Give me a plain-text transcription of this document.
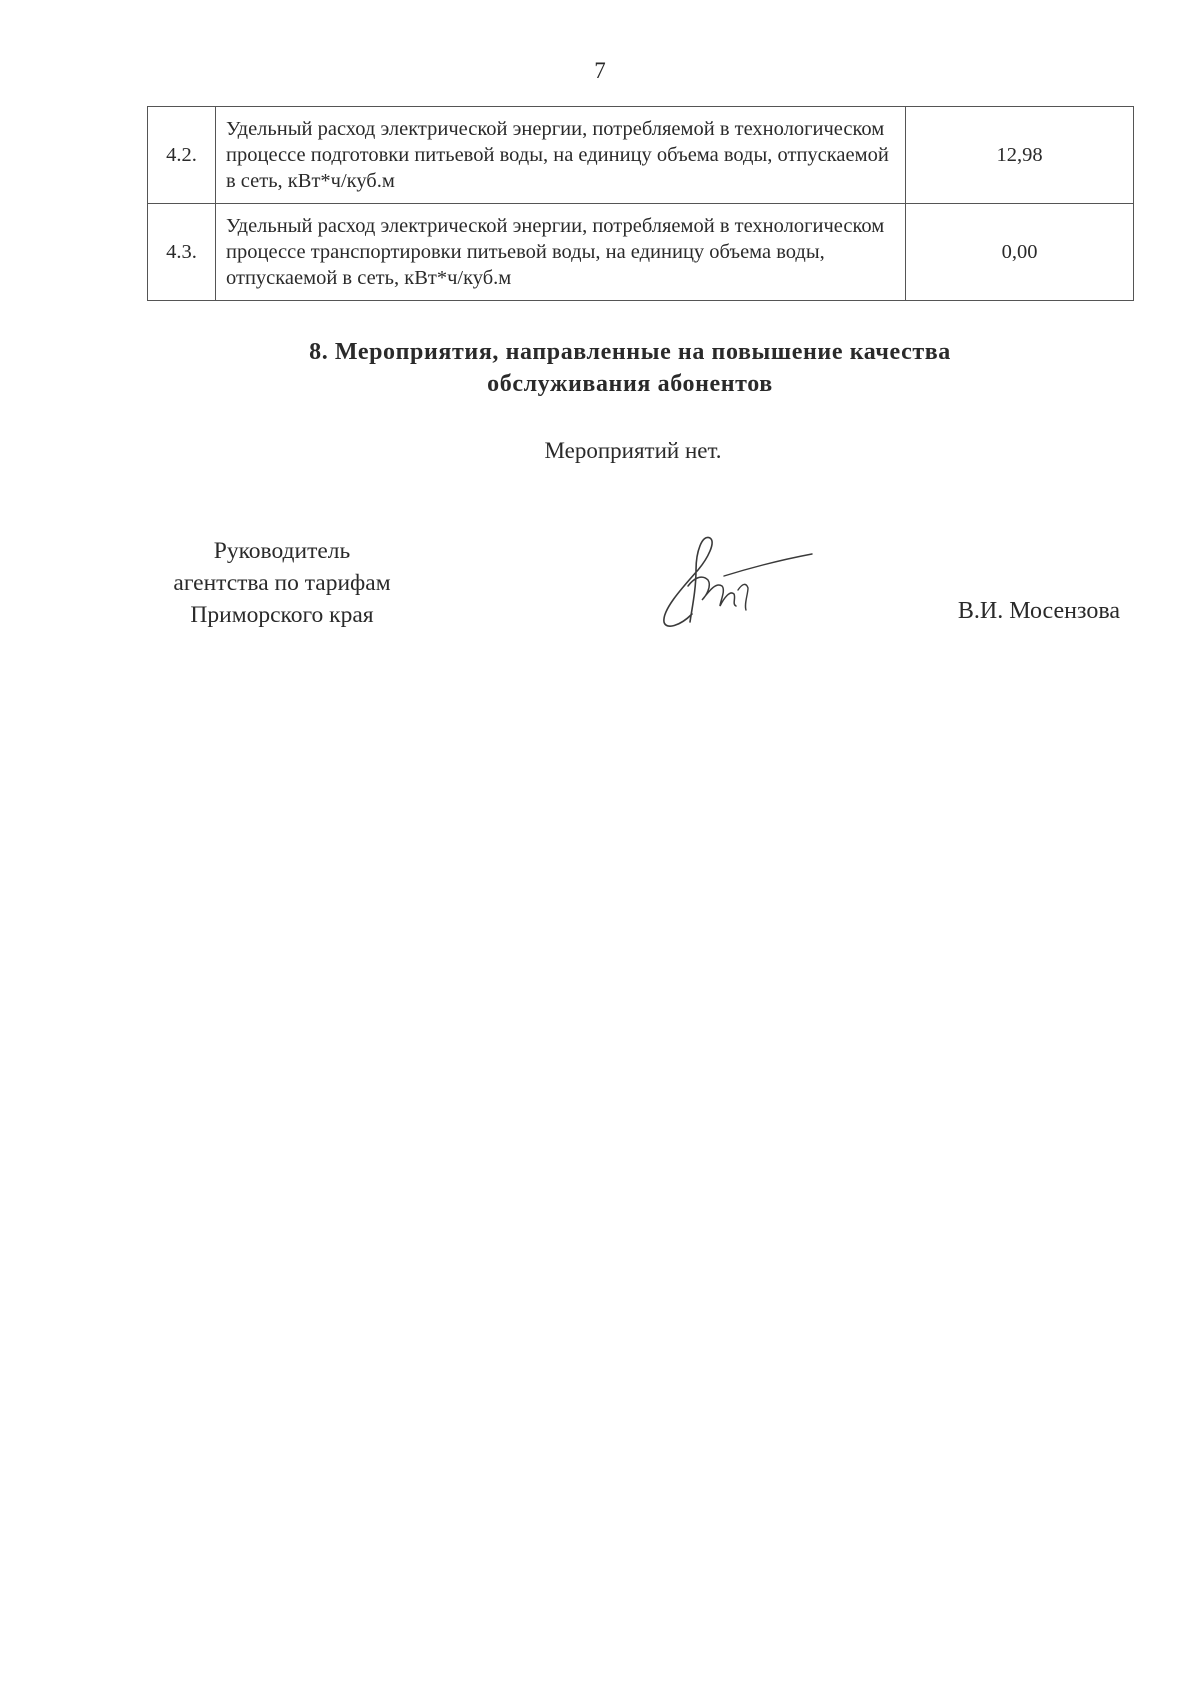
7
4.2.	Удельный расход электрической энергии, потребляемой в технологическом процессе подготовки питьевой воды, на единицу объема воды, отпускаемой в сеть, кВт*ч/куб.м	12,98
4.3.	Удельный расход электрической энергии, потребляемой в технологическом процессе транспортировки питьевой воды, на единицу объема воды, отпускаемой в сеть, кВт*ч/куб.м	0,00
8. Мероприятия, направленные на повышение качества
обслуживания абонентов
Мероприятий нет.
Руководитель
агентства по тарифам
Приморского края	В.И. Мосензова
